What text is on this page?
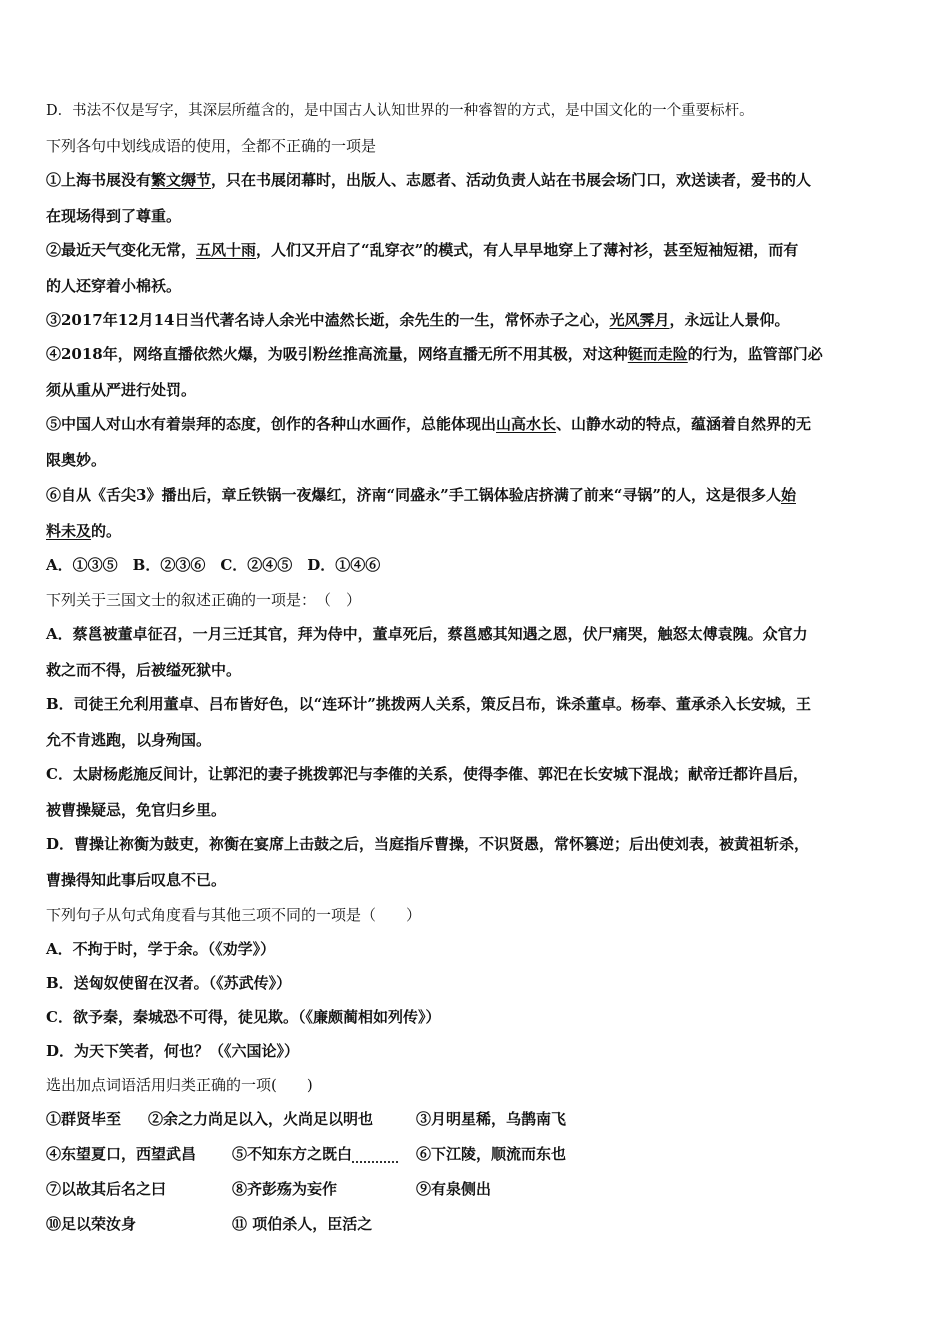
D．书法不仅是写字，其深层所蕴含的，是中国古人认知世界的一种睿智的方式，是中国文化的一个重要标杆。
下列各句中划线成语的使用，全都不正确的一项是
①上海书展没有繁文缛节，只在书展闭幕时，出版人、志愿者、活动负责人站在书展会场门口，欢送读者，爱书的人
在现场得到了尊重。
②最近天气变化无常，五风十雨，人们又开启了“乱穿衣”的模式，有人早早地穿上了薄衬衫，甚至短袖短裙，而有
的人还穿着小棉袄。
③2017年12月14日当代著名诗人余光中溘然长逝，余先生的一生，常怀赤子之心，光风霁月，永远让人景仰。
④2018年，网络直播依然火爆，为吸引粉丝推高流量，网络直播无所不用其极，对这种铤而走险的行为，监管部门必
须从重从严进行处罚。
⑤中国人对山水有着崇拜的态度，创作的各种山水画作，总能体现出山高水长、山静水动的特点，蕴涵着自然界的无
限奥妙。
⑥自从《舌尖3》播出后，章丘铁锅一夜爆红，济南“同盛永”手工锅体验店挤满了前来“寻锅”的人，这是很多人始
料未及的。
A．①③⑤　B．②③⑥　C．②④⑤　D．①④⑥
下列关于三国文士的叙述正确的一项是：　（　）
A．蔡邕被董卓征召，一月三迁其官，拜为侍中，董卓死后，蔡邕感其知遇之恩，伏尸痛哭，触怒太傅袁隗。众官力
救之而不得，后被缢死狱中。
B．司徒王允利用董卓、吕布皆好色，以“连环计”挑拨两人关系，策反吕布，诛杀董卓。杨奉、董承杀入长安城，王
允不肯逃跑，以身殉国。
C．太尉杨彪施反间计，让郭汜的妻子挑拨郭汜与李傕的关系，使得李傕、郭汜在长安城下混战；献帝迁都许昌后，
被曹操疑忌，免官归乡里。
D．曹操让祢衡为鼓吏，祢衡在宴席上击鼓之后，当庭指斥曹操，不识贤愚，常怀篡逆；后出使刘表，被黄祖斩杀，
曹操得知此事后叹息不已。
下列句子从句式角度看与其他三项不同的一项是（　　）
A．不拘于时，学于余。（《劝学》）
B．送匈奴使留在汉者。（《苏武传》）
C．欲予秦，秦城恐不可得，徒见欺。（《廉颇蔺相如列传》）
D．为天下笑者，何也？（《六国论》）
选出加点词语活用归类正确的一项(　　)
①群贤毕至 ②余之力尚足以入，火尚足以明也	③月明星稀，乌鹊南飞
④东望夏口，西望武昌 ⑤不知东方之既白	⑥下江陵，顺流而东也
⑦以故其后名之曰	⑧齐彭殇为妄作	⑨有泉侧出
⑩足以荣汝身	⑪ 项伯杀人，臣活之
